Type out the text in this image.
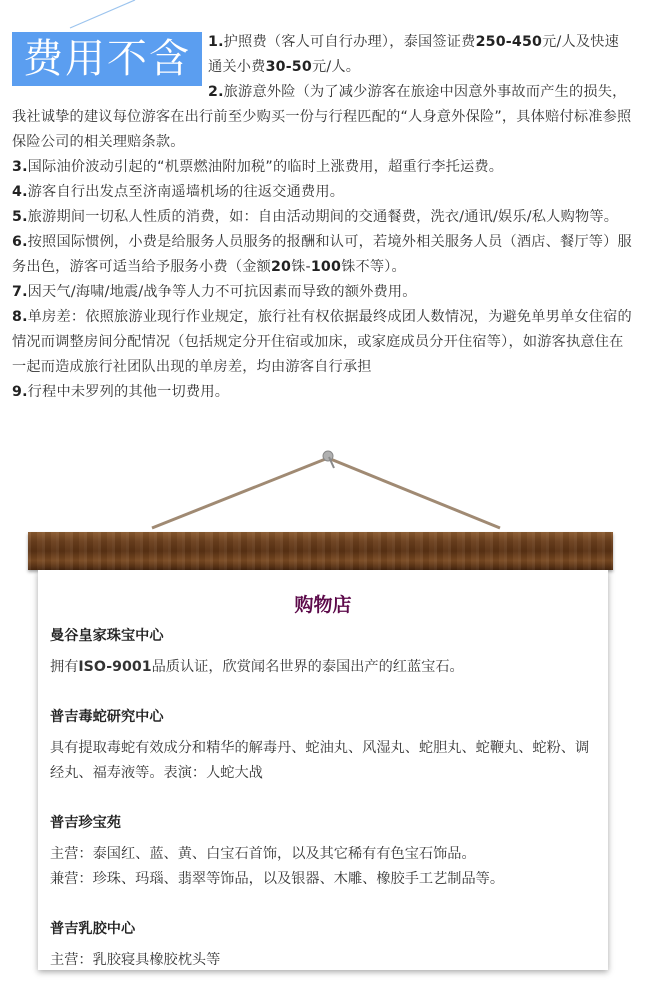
费用不含	1.护照费（客人可自行办理），泰国签证费250-450元/人及快速通关小费30-50元/人。

2.旅游意外险（为了减少游客在旅途中因意外事故而产生的损失，我社诚挚的建议每位游客在出行前至少购买一份与行程匹配的“人身意外保险”，具体赔付标准参照保险公司的相关理赔条款。

3.国际油价波动引起的“机票燃油附加税”的临时上涨费用，超重行李托运费。

4.游客自行出发点至济南遥墙机场的往返交通费用。

5.旅游期间一切私人性质的消费，如：自由活动期间的交通餐费，洗衣/通讯/娱乐/私人购物等。

6.按照国际惯例，小费是给服务人员服务的报酬和认可，若境外相关服务人员（酒店、餐厅等）服务出色，游客可适当给予服务小费（金额20铢-100铢不等）。

7.因天气/海啸/地震/战争等人力不可抗因素而导致的额外费用。

8.单房差：依照旅游业现行作业规定，旅行社有权依据最终成团人数情况，为避免单男单女住宿的情况而调整房间分配情况（包括规定分开住宿或加床，或家庭成员分开住宿等），如游客执意住在一起而造成旅行社团队出现的单房差，均由游客自行承担

9.行程中未罗列的其他一切费用。

购物店
曼谷皇家珠宝中心

拥有ISO-9001品质认证，欣赏闻名世界的泰国出产的红蓝宝石。

普吉毒蛇研究中心

具有提取毒蛇有效成分和精华的解毒丹、蛇油丸、风湿丸、蛇胆丸、蛇鞭丸、蛇粉、调经丸、福寿液等。表演：人蛇大战

普吉珍宝苑

主营：泰国红、蓝、黄、白宝石首饰，以及其它稀有有色宝石饰品。

兼营：珍珠、玛瑙、翡翠等饰品，以及银器、木雕、橡胶手工艺制品等。

普吉乳胶中心

主营：乳胶寝具橡胶枕头等
